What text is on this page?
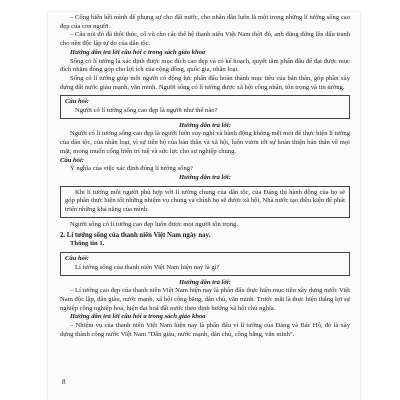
– Cống hiến hết mình để phụng sự cho đất nước, cho nhân dân luôn là một trong những lí tưởng sống cao đẹp của con người.

– Câu nói đó đã thôi thúc, cổ vũ cho các thế hệ thanh niên Việt Nam thời đó, anh dũng đứng lên đấu tranh cho nền độc lập tự do của dân tộc.

Hướng dẫn trả lời câu hỏi c trong sách giáo khoa

Sống có lí tưởng là xác định được mục đích cao đẹp và có kế hoạch, quyết tâm phấn đấu để đạt được mục đích nhằm đóng góp cho lợi ích của cộng đồng, quốc gia, nhân loại.

Sống có lí tưởng giúp mỗi người có động lực phấn đấu hoàn thành mục tiêu của bản thân, góp phần xây dựng đất nước giàu mạnh, văn minh. Người sống có lí tưởng được xã hội công nhận, tôn trọng và tin tưởng.

Câu hỏi:

Người có lí tưởng sống cao đẹp là người như thế nào?

Hướng dẫn trả lời:

Người có lí tưởng sống cao đẹp là người luôn suy nghĩ và hành động không mệt mỏi để thực hiện lí tưởng của dân tộc, của nhân loại, vì sự tiến bộ của bản thân và xã hội, luôn vươn tới sự hoàn thiện bản thân về mọi mặt, mong muốn cống hiến trí tuệ và sức lực cho sự nghiệp chung.

Câu hỏi:

Ý nghĩa của việc xác định đúng lí tưởng sống?

Hướng dẫn trả lời:

Khi lí tưởng mỗi người phù hợp với lí tưởng chung của dân tộc, của Đảng thì hành động của họ sẽ góp phần thực hiện tốt những nhiệm vụ chung và chính họ sẽ được xã hội, Nhà nước tạo điều kiện để phát triển những khả năng của mình.

Người sống có lí tưởng cao đẹp luôn được mọi người tôn trọng.

2. Lí tưởng sống của thanh niên Việt Nam ngày nay.

Thông tin 1.

Câu hỏi:

Lí tưởng sống của thanh niên Việt Nam hiện nay là gì?

Hướng dẫn trả lời:

– Lí tưởng cao đẹp của thanh niên Việt Nam hiện nay là phấn đấu thực hiện mục tiêu xây dựng nước Việt Nam độc lập, dân giàu, nước mạnh, xã hội công bằng, dân chủ, văn minh. Trước mắt là thực hiện thắng lợi sự nghiệp công nghiệp hoá, hiện đại hoá đất nước theo định hướng xã hội chủ nghĩa.

Hướng dẫn trả lời câu hỏi a trong sách giáo khoa

– Nhiệm vụ của thanh niên Việt Nam hiện nay là phấn đấu vì lí tưởng của Đảng và Bác Hồ, đó là xây dựng thành công nước Việt Nam "Dân giàu, nước mạnh, dân chủ, công bằng, văn minh".

8
